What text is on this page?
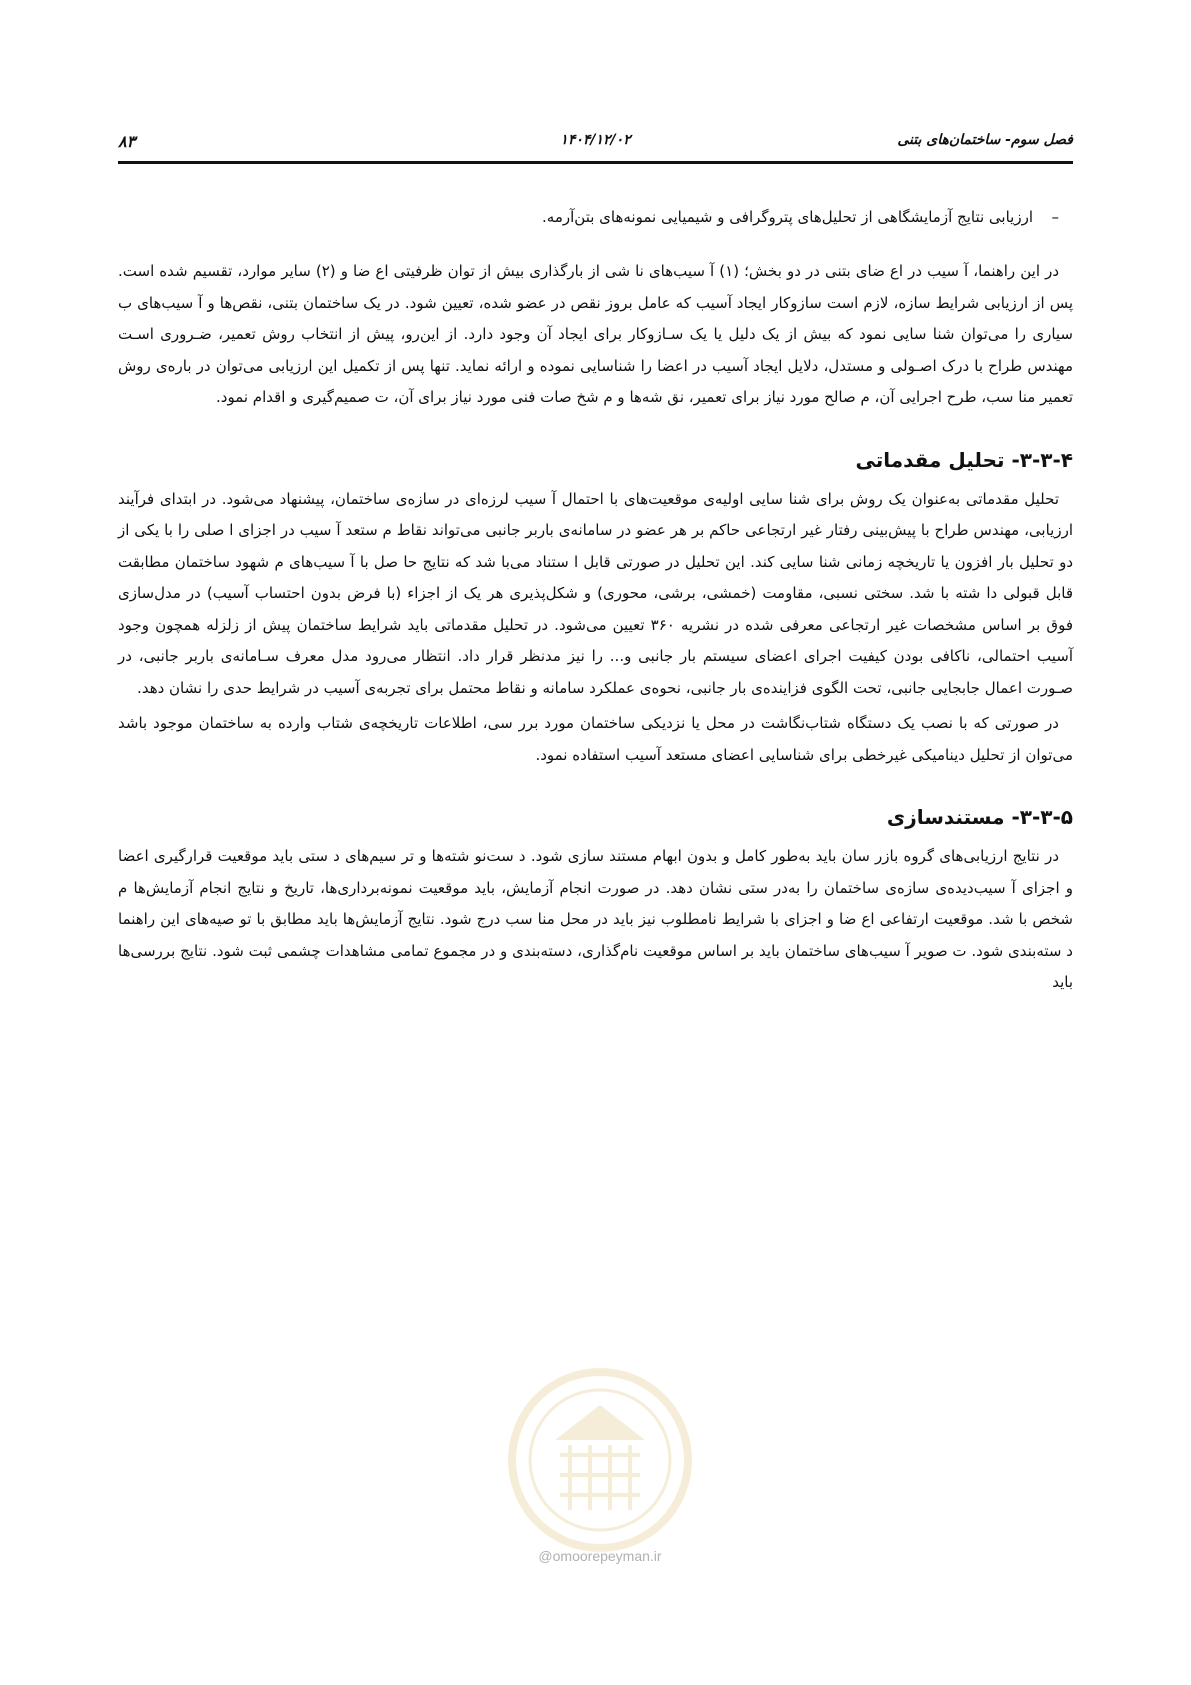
فصل سوم- ساختمان‌های بتنی
۱۴۰۴/۱۲/۰۲
۸۳
–ارزیابی نتایج آزمایشگاهی از تحلیل‌های پتروگرافی و شیمیایی نمونه‌های بتن‌آرمه.

در این راهنما، آ سیب در اع ضای بتنی در دو بخش؛ (۱) آ سیب‌های نا شی از بارگذاری بیش از توان ظرفیتی اع ضا و (۲) سایر موارد، تقسیم شده است. پس از ارزیابی شرایط سازه، لازم است سازوکار ایجاد آسیب که عامل بروز نقص در عضو شده، تعیین شود. در یک ساختمان بتنی، نقص‌ها و آ سیب‌های ب سیاری را می‌توان شنا سایی نمود که بیش از یک دلیل یا یک سـازوکار برای ایجاد آن وجود دارد. از این‌رو، پیش از انتخاب روش تعمیر، ضـروری اسـت مهندس طراح با درک اصـولی و مستدل، دلایل ایجاد آسیب در اعضا را شناسایی نموده و ارائه نماید. تنها پس از تکمیل این ارزیابی می‌توان در باره‌ی روش تعمیر منا سب، طرح اجرایی آن، م صالح مورد نیاز برای تعمیر، نق شه‌ها و م شخ صات فنی مورد نیاز برای آن، ت صمیم‌گیری و اقدام نمود.

۳-۳-۴- تحلیل مقدماتی

تحلیل مقدماتی به‌عنوان یک روش برای شنا سایی اولیه‌ی موقعیت‌های با احتمال آ سیب لرزه‌ای در سازه‌ی ساختمان، پیشنهاد می‌شود. در ابتدای فرآیند ارزیابی، مهندس طراح با پیش‌بینی رفتار غیر ارتجاعی حاکم بر هر عضو در سامانه‌ی باربر جانبی می‌تواند نقاط م ستعد آ سیب در اجزای ا صلی را با یکی از دو تحلیل بار افزون یا تاریخچه زمانی شنا سایی کند. این تحلیل در صورتی قابل ا ستناد می‌با شد که نتایج حا صل با آ سیب‌های م شهود ساختمان مطابقت قابل قبولی دا شته با شد. سختی نسبی، مقاومت (خمشی، برشی، محوری) و شکل‌پذیری هر یک از اجزاء (با فرض بدون احتساب آسیب) در مدل‌سازی فوق بر اساس مشخصات غیر ارتجاعی معرفی شده در نشریه ۳۶۰ تعیین می‌شود. در تحلیل مقدماتی باید شرایط ساختمان پیش از زلزله همچون وجود آسیب احتمالی، ناکافی بودن کیفیت اجرای اعضای سیستم بار جانبی و... را نیز مدنظر قرار داد. انتظار می‌رود مدل معرف سـامانه‌ی باربر جانبی، در صـورت اعمال جابجایی جانبی، تحت الگوی فزاینده‌ی بار جانبی، نحوه‌ی عملکرد سامانه و نقاط محتمل برای تجربه‌ی آسیب در شرایط حدی را نشان دهد.

در صورتی که با نصب یک دستگاه شتاب‌نگاشت در محل یا نزدیکی ساختمان مورد برر سی، اطلاعات تاریخچه‌ی شتاب وارده به ساختمان موجود باشد می‌توان از تحلیل دینامیکی غیرخطی برای شناسایی اعضای مستعد آسیب استفاده نمود.

۳-۳-۵- مستندسازی

در نتایج ارزیابی‌های گروه بازر سان باید به‌طور کامل و بدون ابهام مستند سازی شود. د ست‌نو شته‌ها و تر سیم‌های د ستی باید موقعیت قرارگیری اعضا و اجزای آ سیب‌دیده‌ی سازه‌ی ساختمان را به‌در ستی نشان دهد. در صورت انجام آزمایش، باید موقعیت نمونه‌برداری‌ها، تاریخ و نتایج انجام آزمایش‌ها م شخص با شد. موقعیت ارتفاعی اع ضا و اجزای با شرایط نامطلوب نیز باید در محل منا سب درج شود. نتایج آزمایش‌ها باید مطابق با تو صیه‌های این راهنما د سته‌بندی شود. ت صویر آ سیب‌های ساختمان باید بر اساس موقعیت نام‌گذاری، دسته‌بندی و در مجموع تمامی مشاهدات چشمی ثبت شود. نتایج بررسی‌ها باید

@omoorepeyman.ir
